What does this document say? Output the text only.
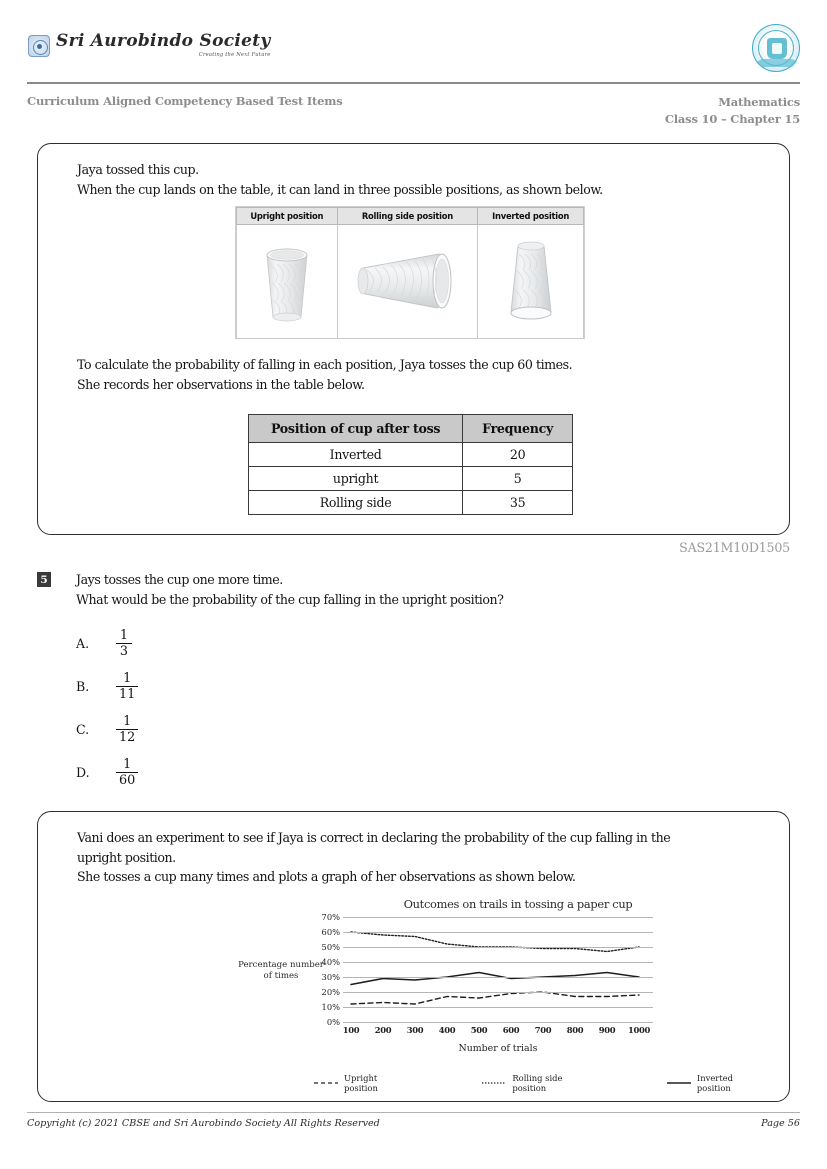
Sri Aurobindo Society
Creating the Next Future
Curriculum Aligned Competency Based Test Items	Mathematics
Class 10 – Chapter 15
Jaya tossed this cup.
When the cup lands on the table, it can land in three possible positions, as shown below.
Upright position	Rolling side position	Inverted position

To calculate the probability of falling in each position, Jaya tosses the cup 60 times.
She records her observations in the table below.
Position of cup after toss	Frequency
Inverted	20
upright	5
Rolling side	35
SAS21M10D1505
5 Jays tosses the cup one more time.
What would be the probability of the cup falling in the upright position?
A.	$\frac{1}{3}$
B.	$\frac{1}{11}$
C.	$\frac{1}{12}$
D.	$\frac{1}{60}$
Vani does an experiment to see if Jaya is correct in declaring the probability of the cup falling in the
upright position.
She tosses a cup many times and plots a graph of her observations as shown below.
Outcomes on trails in tossing a paper cup
Percentage number
of times
70%
60%
50%
40%
30%
20%
10%
0%
100 200 300 400 500 600 700 800 900 1000
Number of trials
Upright
position
Rolling side
position
Inverted
position
Copyright (c) 2021 CBSE and Sri Aurobindo Society All Rights Reserved	Page 56
